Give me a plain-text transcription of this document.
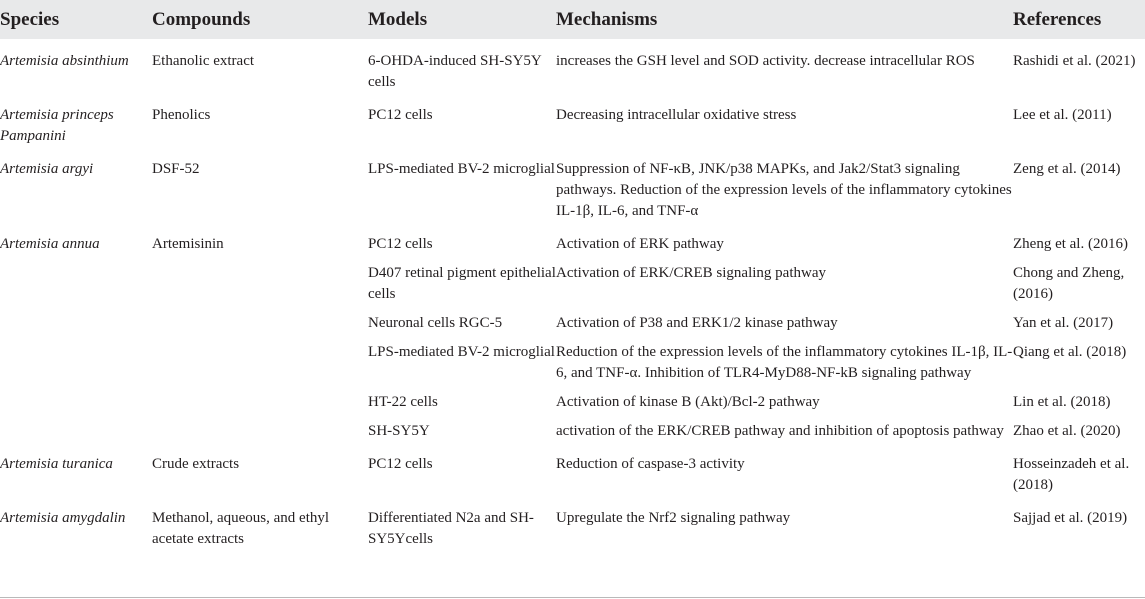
Species	Compounds	Models	Mechanisms	References
Artemisia absinthium	Ethanolic extract	6-OHDA-induced SH-SY5Y cells	increases the GSH level and SOD activity. decrease intracellular ROS	Rashidi et al. (2021)
Artemisia princeps Pampanini	Phenolics	PC12 cells	Decreasing intracellular oxidative stress	Lee et al. (2011)
Artemisia argyi	DSF-52	LPS-mediated BV-2 microglial	Suppression of NF-κB, JNK/p38 MAPKs, and Jak2/Stat3 signaling pathways. Reduction of the expression levels of the inflammatory cytokines IL-1β, IL-6, and TNF-α	Zeng et al. (2014)
Artemisia annua	Artemisinin	PC12 cells	Activation of ERK pathway	Zheng et al. (2016)
		D407 retinal pigment epithelial cells	Activation of ERK/CREB signaling pathway	Chong and Zheng, (2016)
		Neuronal cells RGC-5	Activation of P38 and ERK1/2 kinase pathway	Yan et al. (2017)
		LPS-mediated BV-2 microglial	Reduction of the expression levels of the inflammatory cytokines IL-1β, IL-6, and TNF-α. Inhibition of TLR4-MyD88-NF-kB signaling pathway	Qiang et al. (2018)
		HT-22 cells	Activation of kinase B (Akt)/Bcl-2 pathway	Lin et al. (2018)
		SH-SY5Y	activation of the ERK/CREB pathway and inhibition of apoptosis pathway	Zhao et al. (2020)
Artemisia turanica	Crude extracts	PC12 cells	Reduction of caspase-3 activity	Hosseinzadeh et al. (2018)
Artemisia amygdalin	Methanol, aqueous, and ethyl acetate extracts	Differentiated N2a and SH-SY5Ycells	Upregulate the Nrf2 signaling pathway	Sajjad et al. (2019)
